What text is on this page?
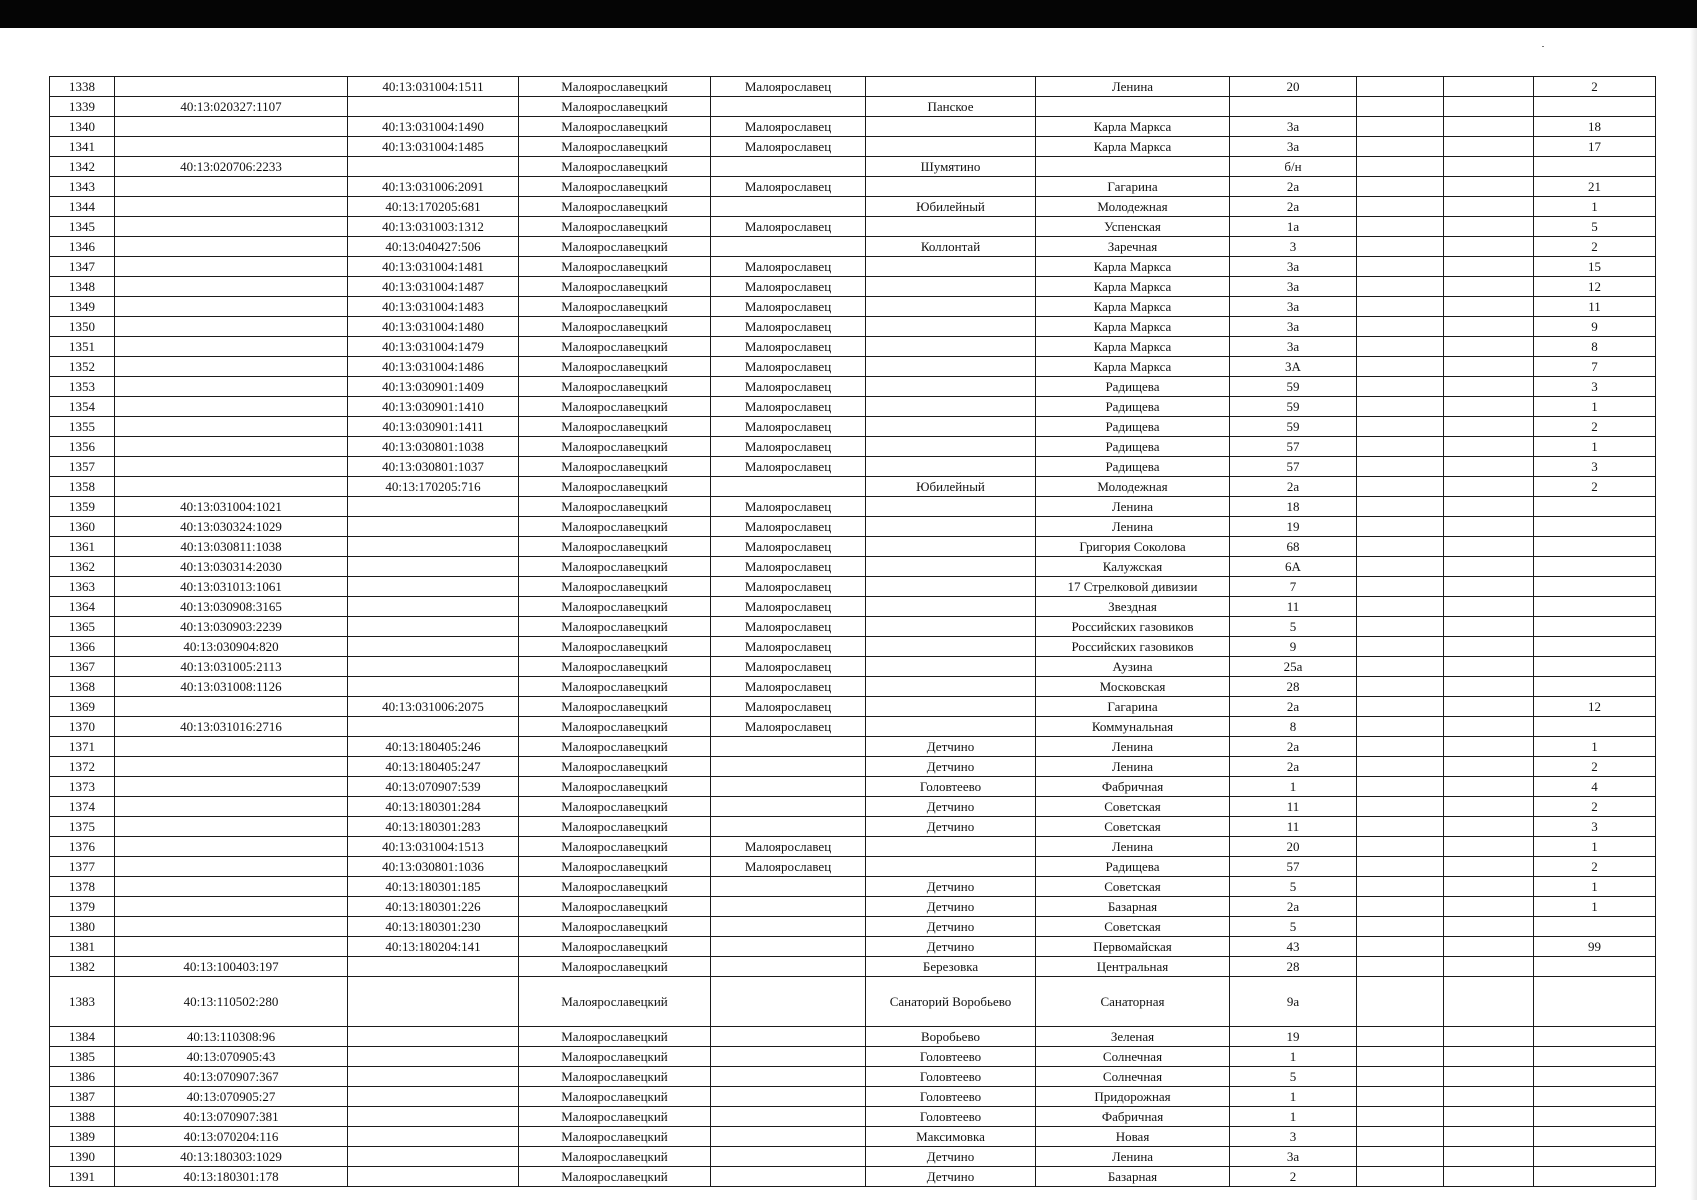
1338		40:13:031004:1511	Малоярославецкий	Малоярославец		Ленина	20			2
1339	40:13:020327:1107		Малоярославецкий		Панское					
1340		40:13:031004:1490	Малоярославецкий	Малоярославец		Карла Маркса	3а			18
1341		40:13:031004:1485	Малоярославецкий	Малоярославец		Карла Маркса	3а			17
1342	40:13:020706:2233		Малоярославецкий		Шумятино		б/н			
1343		40:13:031006:2091	Малоярославецкий	Малоярославец		Гагарина	2а			21
1344		40:13:170205:681	Малоярославецкий		Юбилейный	Молодежная	2а			1
1345		40:13:031003:1312	Малоярославецкий	Малоярославец		Успенская	1а			5
1346		40:13:040427:506	Малоярославецкий		Коллонтай	Заречная	3			2
1347		40:13:031004:1481	Малоярославецкий	Малоярославец		Карла Маркса	3а			15
1348		40:13:031004:1487	Малоярославецкий	Малоярославец		Карла Маркса	3а			12
1349		40:13:031004:1483	Малоярославецкий	Малоярославец		Карла Маркса	3а			11
1350		40:13:031004:1480	Малоярославецкий	Малоярославец		Карла Маркса	3а			9
1351		40:13:031004:1479	Малоярославецкий	Малоярославец		Карла Маркса	3а			8
1352		40:13:031004:1486	Малоярославецкий	Малоярославец		Карла Маркса	3А			7
1353		40:13:030901:1409	Малоярославецкий	Малоярославец		Радищева	59			3
1354		40:13:030901:1410	Малоярославецкий	Малоярославец		Радищева	59			1
1355		40:13:030901:1411	Малоярославецкий	Малоярославец		Радищева	59			2
1356		40:13:030801:1038	Малоярославецкий	Малоярославец		Радищева	57			1
1357		40:13:030801:1037	Малоярославецкий	Малоярославец		Радищева	57			3
1358		40:13:170205:716	Малоярославецкий		Юбилейный	Молодежная	2а			2
1359	40:13:031004:1021		Малоярославецкий	Малоярославец		Ленина	18			
1360	40:13:030324:1029		Малоярославецкий	Малоярославец		Ленина	19			
1361	40:13:030811:1038		Малоярославецкий	Малоярославец		Григория Соколова	68			
1362	40:13:030314:2030		Малоярославецкий	Малоярославец		Калужская	6А			
1363	40:13:031013:1061		Малоярославецкий	Малоярославец		17 Стрелковой дивизии	7			
1364	40:13:030908:3165		Малоярославецкий	Малоярославец		Звездная	11			
1365	40:13:030903:2239		Малоярославецкий	Малоярославец		Российских газовиков	5			
1366	40:13:030904:820		Малоярославецкий	Малоярославец		Российских газовиков	9			
1367	40:13:031005:2113		Малоярославецкий	Малоярославец		Аузина	25а			
1368	40:13:031008:1126		Малоярославецкий	Малоярославец		Московская	28			
1369		40:13:031006:2075	Малоярославецкий	Малоярославец		Гагарина	2а			12
1370	40:13:031016:2716		Малоярославецкий	Малоярославец		Коммунальная	8			
1371		40:13:180405:246	Малоярославецкий		Детчино	Ленина	2а			1
1372		40:13:180405:247	Малоярославецкий		Детчино	Ленина	2а			2
1373		40:13:070907:539	Малоярославецкий		Головтеево	Фабричная	1			4
1374		40:13:180301:284	Малоярославецкий		Детчино	Советская	11			2
1375		40:13:180301:283	Малоярославецкий		Детчино	Советская	11			3
1376		40:13:031004:1513	Малоярославецкий	Малоярославец		Ленина	20			1
1377		40:13:030801:1036	Малоярославецкий	Малоярославец		Радищева	57			2
1378		40:13:180301:185	Малоярославецкий		Детчино	Советская	5			1
1379		40:13:180301:226	Малоярославецкий		Детчино	Базарная	2а			1
1380		40:13:180301:230	Малоярославецкий		Детчино	Советская	5			
1381		40:13:180204:141	Малоярославецкий		Детчино	Первомайская	43			99
1382	40:13:100403:197		Малоярославецкий		Березовка	Центральная	28			
1383	40:13:110502:280		Малоярославецкий		Санаторий Воробьево	Санаторная	9а			
1384	40:13:110308:96		Малоярославецкий		Воробьево	Зеленая	19			
1385	40:13:070905:43		Малоярославецкий		Головтеево	Солнечная	1			
1386	40:13:070907:367		Малоярославецкий		Головтеево	Солнечная	5			
1387	40:13:070905:27		Малоярославецкий		Головтеево	Придорожная	1			
1388	40:13:070907:381		Малоярославецкий		Головтеево	Фабричная	1			
1389	40:13:070204:116		Малоярославецкий		Максимовка	Новая	3			
1390	40:13:180303:1029		Малоярославецкий		Детчино	Ленина	3а			
1391	40:13:180301:178		Малоярославецкий		Детчино	Базарная	2			
